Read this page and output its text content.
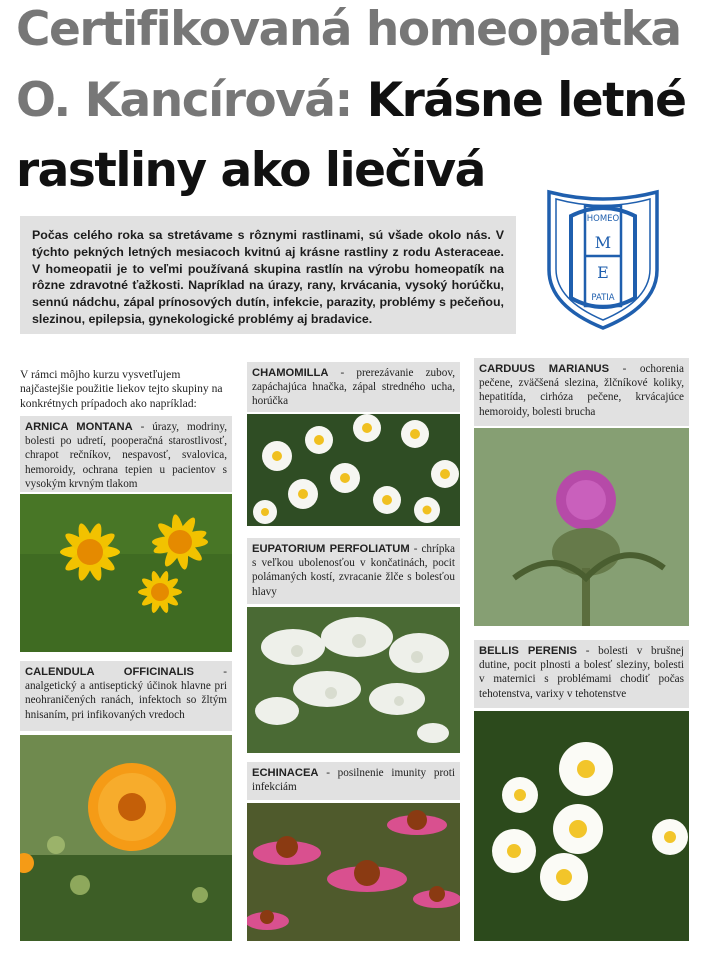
Certifikovaná homeopatka
O. Kancírová: Krásne letné
rastliny ako liečivá

Počas celého roka sa stretávame s rôznymi rastlinami, sú všade okolo nás. V týchto pekných letných mesiacoch kvitnú aj krásne rastliny z rodu Asteraceae. V homeopatii je to veľmi používaná skupina rastlín na výrobu homeopatík na rôzne zdravotné ťažkosti. Napríklad na úrazy, rany, krvácania, vysoký horúčku, sennú nádchu, zápal prínosových dutín, infekcie, parazity, problémy s pečeňou, slezinou, epilepsia, gynekologické problémy aj bradavice.

HOMEO
M
E
PATIA
V rámci môjho kurzu vysvetľujem najčastejšie použitie liekov tejto skupiny na konkrétnych prípadoch ako napríklad:
ARNICA MONTANA - úrazy, modriny, bolesti po udretí, pooperačná starostlivosť, chrapot rečníkov, nespavosť, svalovica, hemoroidy, ochrana tepien u pacientov s vysokým krvným tlakom
CALENDULA OFFICINALIS - analgetický a antiseptický účinok hlavne pri neohraničených ranách, infektoch so žltým hnisaním, pri infikovaných vredoch
CHAMOMILLA - prerezávanie zubov, zapáchajúca hnačka, zápal stredného ucha, horúčka
EUPATORIUM PERFOLIATUM - chrípka s veľkou ubolenosťou v končatinách, pocit polámaných kostí, zvracanie žlče s bolesťou hlavy
ECHINACEA - posilnenie imunity proti infekciám
CARDUUS MARIANUS - ochorenia pečene, zväčšená slezina, žlčníkové koliky, hepatitída, cirhóza pečene, krvácajúce hemoroidy, bolesti brucha
BELLIS PERENIS - bolesti v brušnej dutine, pocit plnosti a bolesť sleziny, bolesti v maternici s problémami chodiť počas tehotenstva, varixy v tehotenstve
